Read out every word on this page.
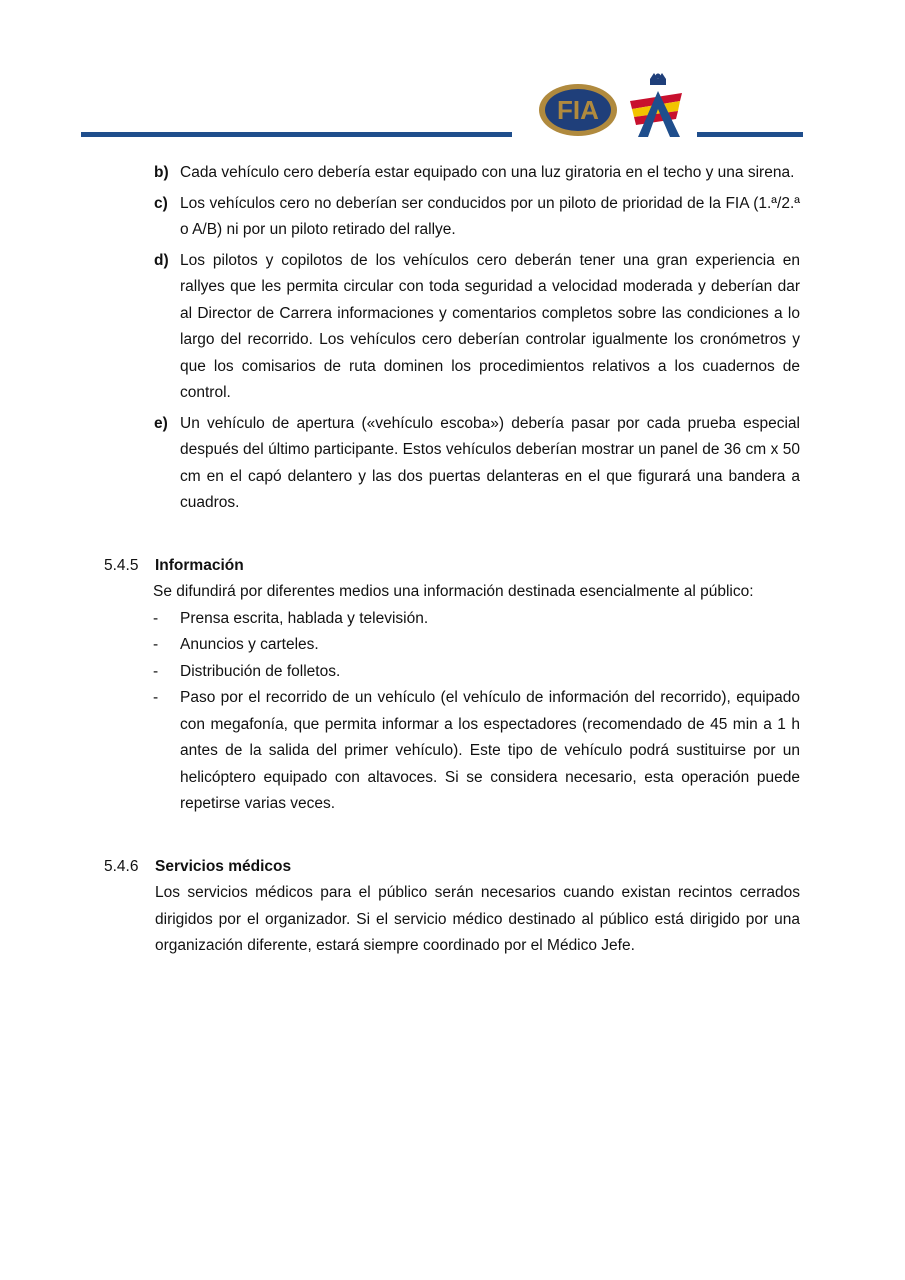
FIA
b) Cada vehículo cero debería estar equipado con una luz giratoria en el techo y una sirena.
c) Los vehículos cero no deberían ser conducidos por un piloto de prioridad de la FIA (1.ª/2.ª o A/B) ni por un piloto retirado del rallye.
d) Los pilotos y copilotos de los vehículos cero deberán tener una gran experiencia en rallyes que les permita circular con toda seguridad a velocidad moderada y deberían dar al Director de Carrera informaciones y comentarios completos sobre las condiciones a lo largo del recorrido. Los vehículos cero deberían controlar igualmente los cronómetros y que los comisarios de ruta dominen los procedimientos relativos a los cuadernos de control.
e) Un vehículo de apertura («vehículo escoba») debería pasar por cada prueba especial después del último participante. Estos vehículos deberían mostrar un panel de 36 cm x 50 cm en el capó delantero y las dos puertas delanteras en el que figurará una bandera a cuadros.
5.4.5 Información
Se difundirá por diferentes medios una información destinada esencialmente al público:
- Prensa escrita, hablada y televisión.
- Anuncios y carteles.
- Distribución de folletos.
- Paso por el recorrido de un vehículo (el vehículo de información del recorrido), equipado con megafonía, que permita informar a los espectadores (recomendado de 45 min a 1 h antes de la salida del primer vehículo). Este tipo de vehículo podrá sustituirse por un helicóptero equipado con altavoces. Si se considera necesario, esta operación puede repetirse varias veces.
5.4.6 Servicios médicos
Los servicios médicos para el público serán necesarios cuando existan recintos cerrados dirigidos por el organizador. Si el servicio médico destinado al público está dirigido por una organización diferente, estará siempre coordinado por el Médico Jefe.
